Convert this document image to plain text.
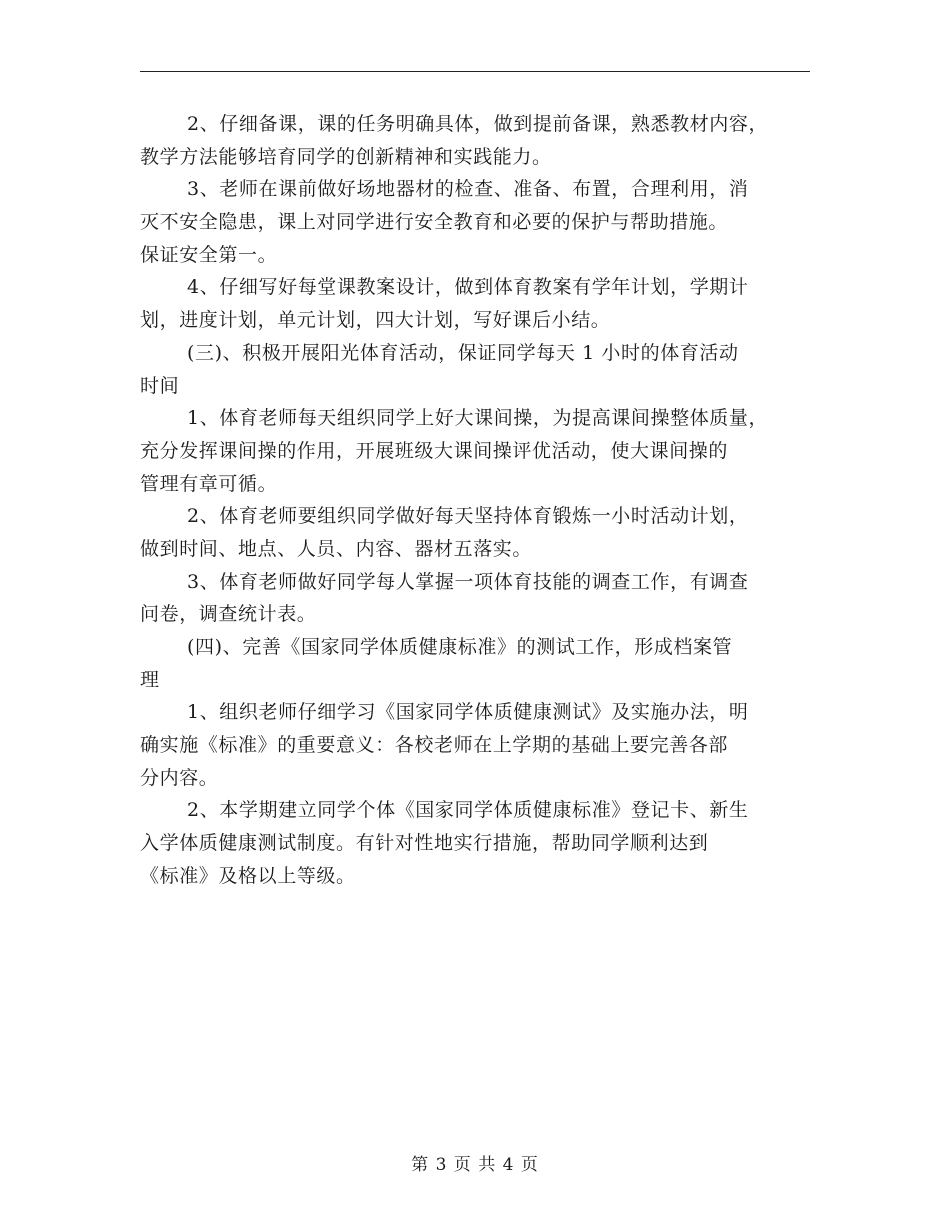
2、仔细备课，课的任务明确具体，做到提前备课，熟悉教材内容，
教学方法能够培育同学的创新精神和实践能力。
3、老师在课前做好场地器材的检查、准备、布置，合理利用，消
灭不安全隐患，课上对同学进行安全教育和必要的保护与帮助措施。
保证安全第一。
4、仔细写好每堂课教案设计，做到体育教案有学年计划，学期计
划，进度计划，单元计划，四大计划，写好课后小结。
(三)、积极开展阳光体育活动，保证同学每天 1 小时的体育活动
时间
1、体育老师每天组织同学上好大课间操，为提高课间操整体质量，
充分发挥课间操的作用，开展班级大课间操评优活动，使大课间操的
管理有章可循。
2、体育老师要组织同学做好每天坚持体育锻炼一小时活动计划，
做到时间、地点、人员、内容、器材五落实。
3、体育老师做好同学每人掌握一项体育技能的调查工作，有调查
问卷，调查统计表。
(四)、完善《国家同学体质健康标准》的测试工作，形成档案管
理
1、组织老师仔细学习《国家同学体质健康测试》及实施办法，明
确实施《标准》的重要意义：各校老师在上学期的基础上要完善各部
分内容。
2、本学期建立同学个体《国家同学体质健康标准》登记卡、新生
入学体质健康测试制度。有针对性地实行措施，帮助同学顺利达到
《标准》及格以上等级。
第 3 页 共 4 页
